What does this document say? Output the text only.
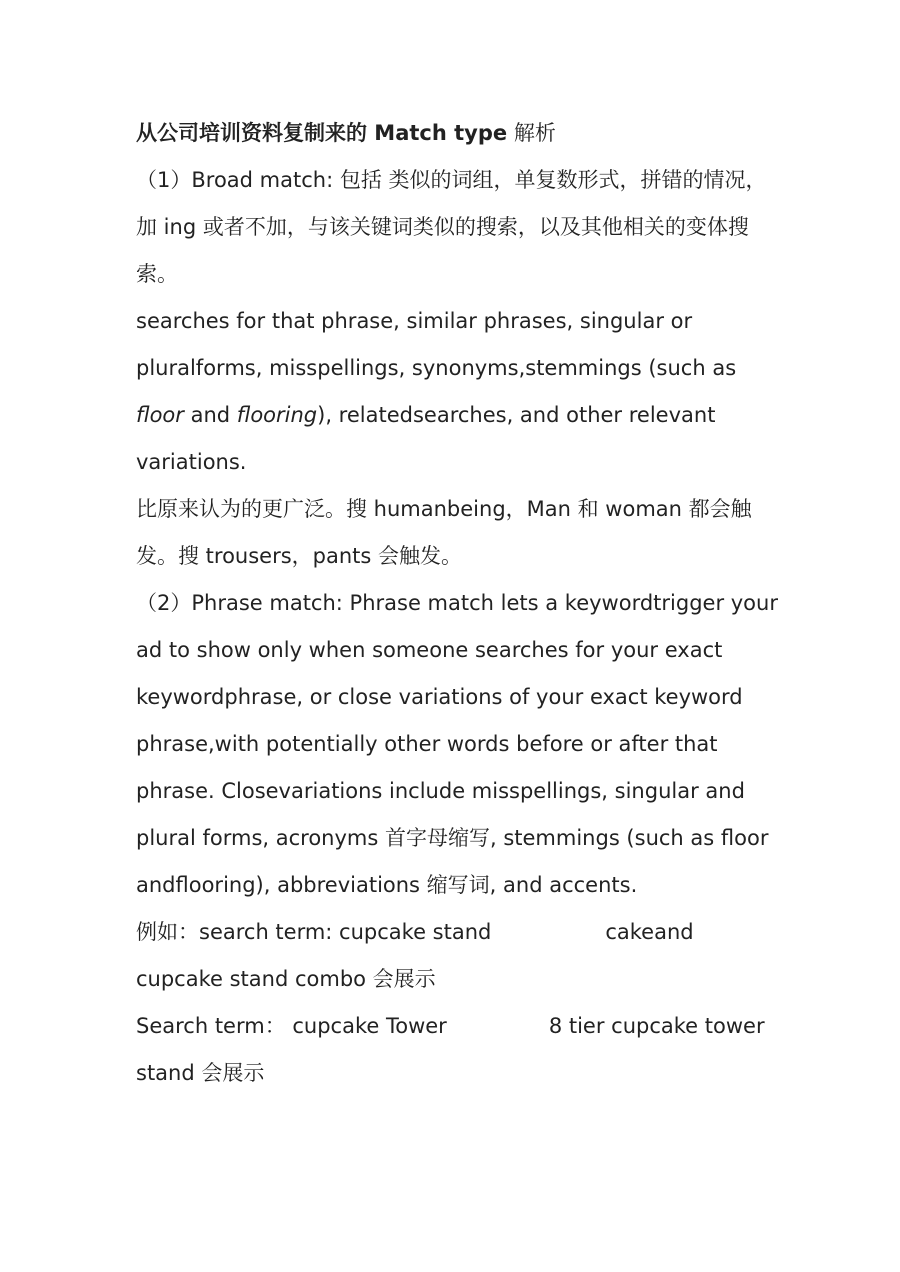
从公司培训资料复制来的 Match type 解析

（1）Broad match: 包括 类似的词组，单复数形式，拼错的情况，加 ing 或者不加，与该关键词类似的搜索，以及其他相关的变体搜索。

searches for that phrase, similar phrases, singular or pluralforms, misspellings, synonyms,stemmings (such as floor and flooring), relatedsearches, and other relevant variations.

比原来认为的更广泛。搜 humanbeing，Man 和 woman 都会触发。搜 trousers，pants 会触发。

（2）Phrase match: Phrase match lets a keywordtrigger your ad to show only when someone searches for your exact keywordphrase, or close variations of your exact keyword phrase,with potentially other words before or after that phrase. Closevariations include misspellings, singular and plural forms, acronyms 首字母缩写, stemmings (such as floor andflooring), abbreviations 缩写词, and accents.

例如：search term: cupcake stand	cakeand cupcake stand combo 会展示

Search term： cupcake Tower	8 tier cupcake tower stand 会展示
